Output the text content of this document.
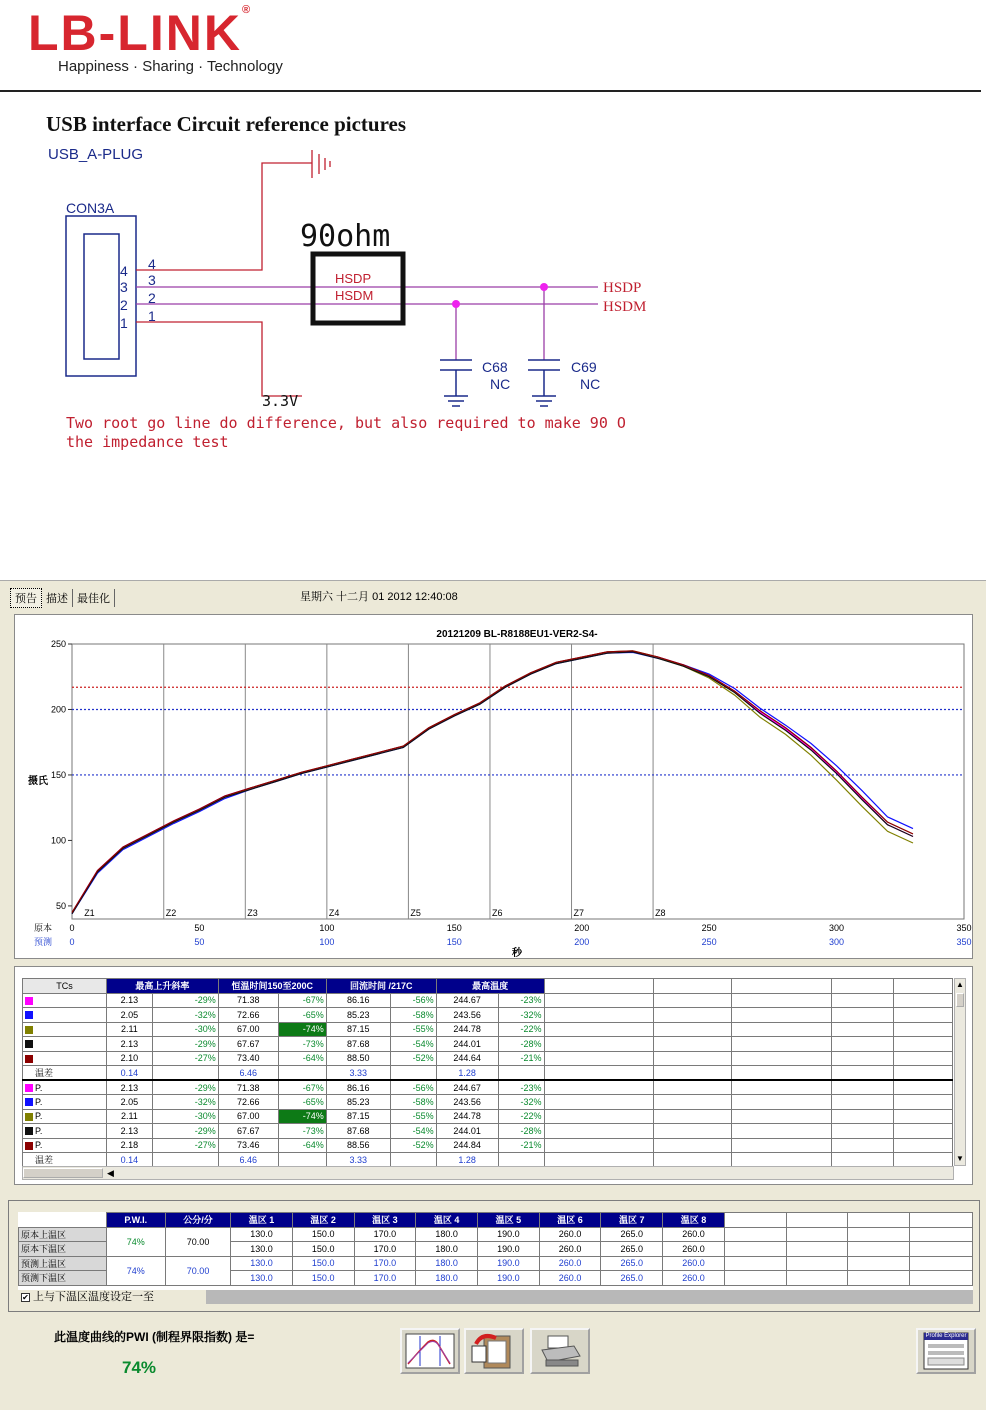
LB-LINK®
Happiness · Sharing · Technology
USB interface Circuit reference pictures
USB_A-PLUG
CON3A
4
3
2
1
4
3
2
1
90ohm
HSDP
HSDM	HSDP
HSDM
C68
NC
C69
NC
3.3V
Two root go line do difference, but also required to make 90 O
the impedance test
预告 描述 最佳化	星期六 十二月 01 2012 12:40:08
20121209 BL-R8188EU1-VER2-S4-
Z1	Z2	Z3	Z4	Z5	Z6	Z7	Z8
50
100
150
200
250
摄氏
原本
预测
0
0
50
50
100
100
150
150
200
200
250
250
300
300
350
350
秒
TCs	最高上升斜率		恒温时间150至200C		回流时间 /217C		最高温度						
	2.13	-29%	71.38	-67%	86.16	-56%	244.67	-23%					
	2.05	-32%	72.66	-65%	85.23	-58%	243.56	-32%					
	2.11	-30%	67.00	-74%	87.15	-55%	244.78	-22%					
	2.13	-29%	67.67	-73%	87.68	-54%	244.01	-28%					
	2.10	-27%	73.40	-64%	88.50	-52%	244.64	-21%					
温差	0.14		6.46		3.33		1.28						
P.	2.13	-29%	71.38	-67%	86.16	-56%	244.67	-23%					
P.	2.05	-32%	72.66	-65%	85.23	-58%	243.56	-32%					
P.	2.11	-30%	67.00	-74%	87.15	-55%	244.78	-22%					
P.	2.13	-29%	67.67	-73%	87.68	-54%	244.01	-28%					
P.	2.18	-27%	73.46	-64%	88.56	-52%	244.84	-21%					
温差	0.14		6.46		3.33		1.28						
▲
▼
◀
	P.W.I.	公分/分	温区 1	温区 2	温区 3	温区 4	温区 5	温区 6	温区 7	温区 8				
原本上温区	74%	70.00	130.0	150.0	170.0	180.0	190.0	260.0	265.0	260.0				
原本下温区			130.0	150.0	170.0	180.0	190.0	260.0	265.0	260.0				
预测上温区	74%	70.00	130.0	150.0	170.0	180.0	190.0	260.0	265.0	260.0				
预测下温区			130.0	150.0	170.0	180.0	190.0	260.0	265.0	260.0				
✔ 上与下温区温度设定一至
此温度曲线的PWI (制程界限指数) 是=
74%
Profile Explorer
